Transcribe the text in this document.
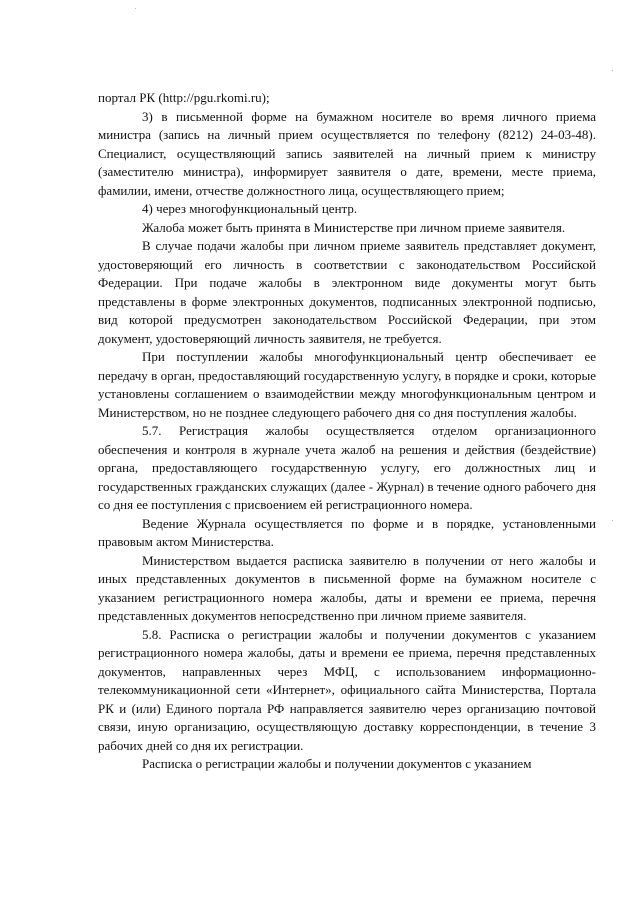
портал РК (http://pgu.rkomi.ru);

3) в письменной форме на бумажном носителе во время личного приема министра (запись на личный прием осуществляется по телефону (8212) 24-03-48). Специалист, осуществляющий запись заявителей на личный прием к министру (заместителю министра), информирует заявителя о дате, времени, месте приема, фамилии, имени, отчестве должностного лица, осуществляющего прием;

4) через многофункциональный центр.

Жалоба может быть принята в Министерстве при личном приеме заявителя.

В случае подачи жалобы при личном приеме заявитель представляет документ, удостоверяющий его личность в соответствии с законодательством Российской Федерации. При подаче жалобы в электронном виде документы могут быть представлены в форме электронных документов, подписанных электронной подписью, вид которой предусмотрен законодательством Российской Федерации, при этом документ, удостоверяющий личность заявителя, не требуется.

При поступлении жалобы многофункциональный центр обеспечивает ее передачу в орган, предоставляющий государственную услугу, в порядке и сроки, которые установлены соглашением о взаимодействии между многофункциональным центром и Министерством, но не позднее следующего рабочего дня со дня поступления жалобы.

5.7. Регистрация жалобы осуществляется отделом организационного обеспечения и контроля в журнале учета жалоб на решения и действия (бездействие) органа, предоставляющего государственную услугу, его должностных лиц и государственных гражданских служащих (далее - Журнал) в течение одного рабочего дня со дня ее поступления с присвоением ей регистрационного номера.

Ведение Журнала осуществляется по форме и в порядке, установленными правовым актом Министерства.

Министерством выдается расписка заявителю в получении от него жалобы и иных представленных документов в письменной форме на бумажном носителе с указанием регистрационного номера жалобы, даты и времени ее приема, перечня представленных документов непосредственно при личном приеме заявителя.

5.8. Расписка о регистрации жалобы и получении документов с указанием регистрационного номера жалобы, даты и времени ее приема, перечня представленных документов, направленных через МФЦ, с использованием информационно-телекоммуникационной сети «Интернет», официального сайта Министерства, Портала РК и (или) Единого портала РФ направляется заявителю через организацию почтовой связи, иную организацию, осуществляющую доставку корреспонденции, в течение 3 рабочих дней со дня их регистрации.

Расписка о регистрации жалобы и получении документов с указанием
